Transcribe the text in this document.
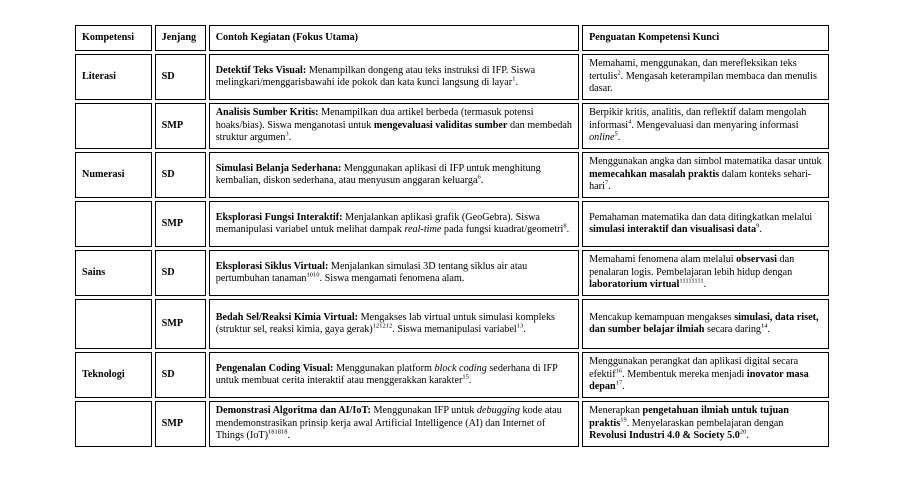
Kompetensi	Jenjang	Contoh Kegiatan (Fokus Utama)	Penguatan Kompetensi Kunci
Literasi	SD	Detektif Teks Visual: Menampilkan dongeng atau teks instruksi di IFP. Siswa melingkari/menggarisbawahi ide pokok dan kata kunci langsung di layar$^1$.	Memahami, menggunakan, dan merefleksikan teks tertulis$^2$. Mengasah keterampilan membaca dan menulis dasar.
	SMP	Analisis Sumber Kritis: Menampilkan dua artikel berbeda (termasuk potensi hoaks/bias). Siswa menganotasi untuk mengevaluasi validitas sumber dan membedah struktur argumen$^3$.	Berpikir kritis, analitis, dan reflektif dalam mengolah informasi$^4$. Mengevaluasi dan menyaring informasi online$^5$.
Numerasi	SD	Simulasi Belanja Sederhana: Menggunakan aplikasi di IFP untuk menghitung kembalian, diskon sederhana, atau menyusun anggaran keluarga$^6$.	Menggunakan angka dan simbol matematika dasar untuk memecahkan masalah praktis dalam konteks sehari-hari$^7$.
	SMP	Eksplorasi Fungsi Interaktif: Menjalankan aplikasi grafik (GeoGebra). Siswa memanipulasi variabel untuk melihat dampak real-time pada fungsi kuadrat/geometri$^8$.	Pemahaman matematika dan data ditingkatkan melalui simulasi interaktif dan visualisasi data$^9$.
Sains	SD	Eksplorasi Siklus Virtual: Menjalankan simulasi 3D tentang siklus air atau pertumbuhan tanaman$^{1010}$. Siswa mengamati fenomena alam.	Memahami fenomena alam melalui observasi dan penalaran logis. Pembelajaran lebih hidup dengan laboratorium virtual$^{11111111}$.
	SMP	Bedah Sel/Reaksi Kimia Virtual: Mengakses lab virtual untuk simulasi kompleks (struktur sel, reaksi kimia, gaya gerak)$^{121212}$. Siswa memanipulasi variabel$^{13}$.	Mencakup kemampuan mengakses simulasi, data riset, dan sumber belajar ilmiah secara daring$^{14}$.
Teknologi	SD	Pengenalan Coding Visual: Menggunakan platform block coding sederhana di IFP untuk membuat cerita interaktif atau menggerakkan karakter$^{15}$.	Menggunakan perangkat dan aplikasi digital secara efektif$^{16}$. Membentuk mereka menjadi inovator masa depan$^{17}$.
	SMP	Demonstrasi Algoritma dan AI/IoT: Menggunakan IFP untuk debugging kode atau mendemonstrasikan prinsip kerja awal Artificial Intelligence (AI) dan Internet of Things (IoT)$^{181818}$.	Menerapkan pengetahuan ilmiah untuk tujuan praktis$^{19}$. Menyelaraskan pembelajaran dengan Revolusi Industri 4.0 & Society $5.0^{20}$.
